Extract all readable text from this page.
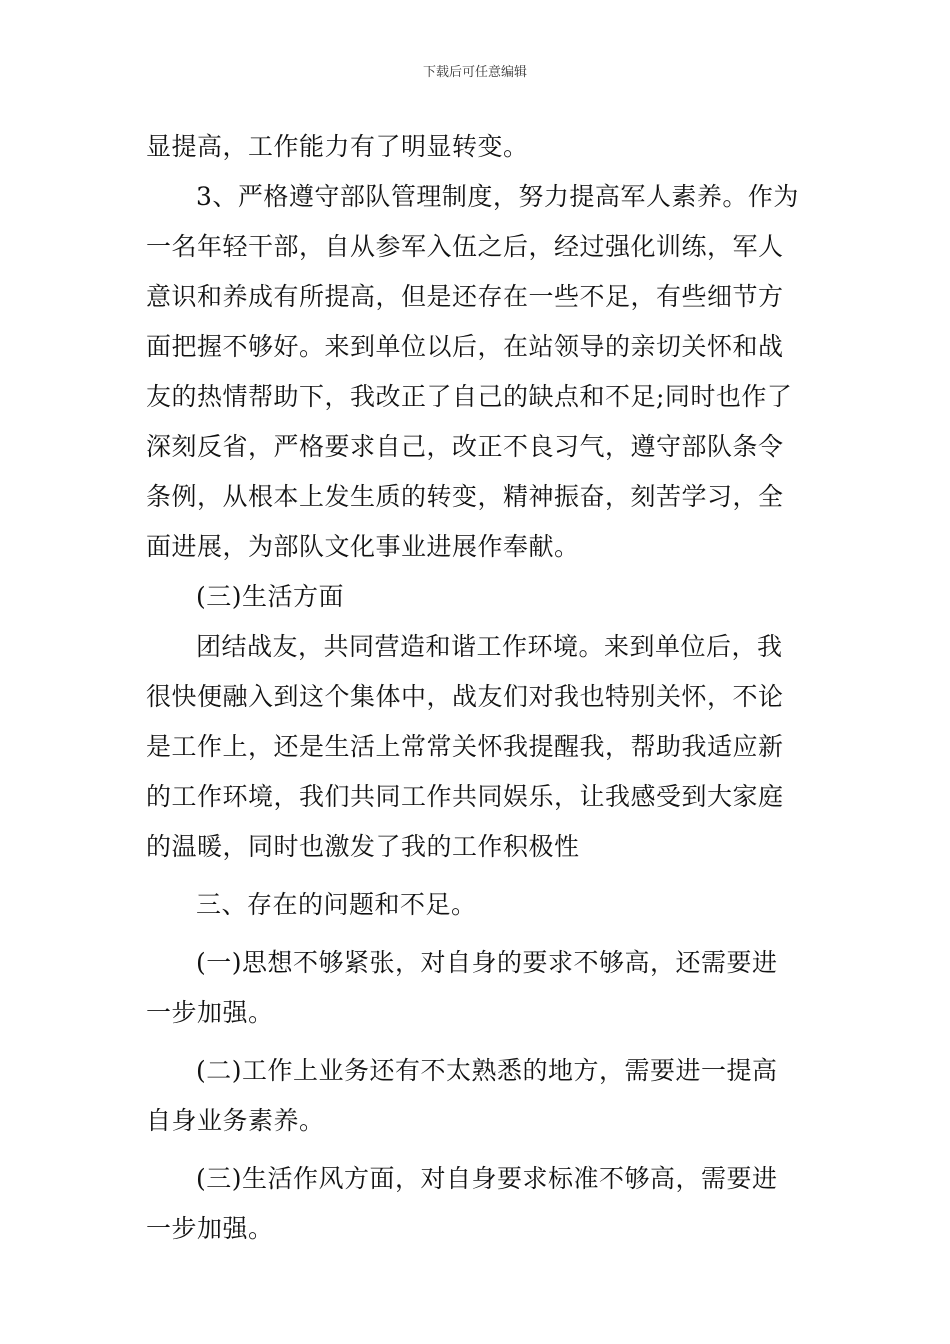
下载后可任意编辑
显提高，工作能力有了明显转变。
3、严格遵守部队管理制度，努力提高军人素养。作为
一名年轻干部，自从参军入伍之后，经过强化训练，军人
意识和养成有所提高，但是还存在一些不足，有些细节方
面把握不够好。来到单位以后，在站领导的亲切关怀和战
友的热情帮助下，我改正了自己的缺点和不足;同时也作了
深刻反省，严格要求自己，改正不良习气，遵守部队条令
条例，从根本上发生质的转变，精神振奋，刻苦学习，全
面进展，为部队文化事业进展作奉献。
(三)生活方面
团结战友，共同营造和谐工作环境。来到单位后，我
很快便融入到这个集体中，战友们对我也特别关怀，不论
是工作上，还是生活上常常关怀我提醒我，帮助我适应新
的工作环境，我们共同工作共同娱乐，让我感受到大家庭
的温暖，同时也激发了我的工作积极性
三、存在的问题和不足。
(一)思想不够紧张，对自身的要求不够高，还需要进
一步加强。
(二)工作上业务还有不太熟悉的地方，需要进一提高
自身业务素养。
(三)生活作风方面，对自身要求标准不够高，需要进
一步加强。
